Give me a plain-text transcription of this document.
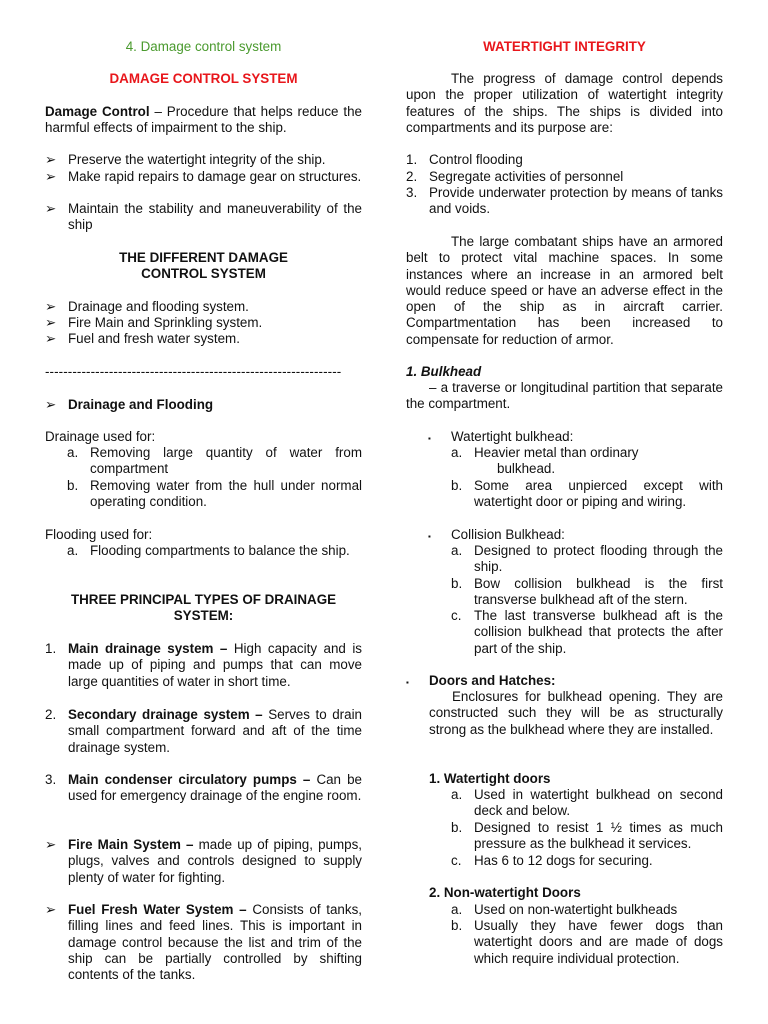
4. Damage control system

DAMAGE CONTROL SYSTEM

Damage Control – Procedure that helps reduce the harmful effects of impairment to the ship.

➢ Preserve the watertight integrity of the ship.
➢ Make rapid repairs to damage gear on structures.
➢ Maintain the stability and maneuverability of the ship

THE DIFFERENT DAMAGE CONTROL SYSTEM

➢ Drainage and flooding system.
➢ Fire Main and Sprinkling system.
➢ Fuel and fresh water system.

-----------------------------------------------------------------

➢ Drainage and Flooding

Drainage used for:

a. Removing large quantity of water from compartment
b. Removing water from the hull under normal operating condition.

Flooding used for:

a. Flooding compartments to balance the ship.

THREE PRINCIPAL TYPES OF DRAINAGE SYSTEM:

1. Main drainage system – High capacity and is made up of piping and pumps that can move large quantities of water in short time.
2. Secondary drainage system – Serves to drain small compartment forward and aft of the time drainage system.
3. Main condenser circulatory pumps – Can be used for emergency drainage of the engine room.
➢ Fire Main System – made up of piping, pumps, plugs, valves and controls designed to supply plenty of water for fighting.
➢ Fuel Fresh Water System – Consists of tanks, filling lines and feed lines. This is important in damage control because the list and trim of the ship can be partially controlled by shifting contents of the tanks.

WATERTIGHT INTEGRITY

The progress of damage control depends upon the proper utilization of watertight integrity features of the ships. The ships is divided into compartments and its purpose are:

1. Control flooding
2. Segregate activities of personnel
3. Provide underwater protection by means of tanks and voids.

The large combatant ships have an armored belt to protect vital machine spaces. In some instances where an increase in an armored belt would reduce speed or have an adverse effect in the open of the ship as in aircraft carrier. Compartmentation has been increased to compensate for reduction of armor.

1. Bulkhead

– a traverse or longitudinal partition that separate the compartment.

▪ Watertight bulkhead:
a. Heavier metal than ordinary
bulkhead.
b. Some area unpierced except with watertight door or piping and wiring.
▪ Collision Bulkhead:
a. Designed to protect flooding through the ship.
b. Bow collision bulkhead is the first transverse bulkhead aft of the stern.
c. The last transverse bulkhead aft is the collision bulkhead that protects the after part of the ship.
▪ Doors and Hatches:

Enclosures for bulkhead opening. They are constructed such they will be as structurally strong as the bulkhead where they are installed.

1. Watertight doors

a. Used in watertight bulkhead on second deck and below.
b. Designed to resist 1 ½ times as much pressure as the bulkhead it services.
c. Has 6 to 12 dogs for securing.

2. Non-watertight Doors

a. Used on non-watertight bulkheads
b. Usually they have fewer dogs than watertight doors and are made of dogs which require individual protection.
